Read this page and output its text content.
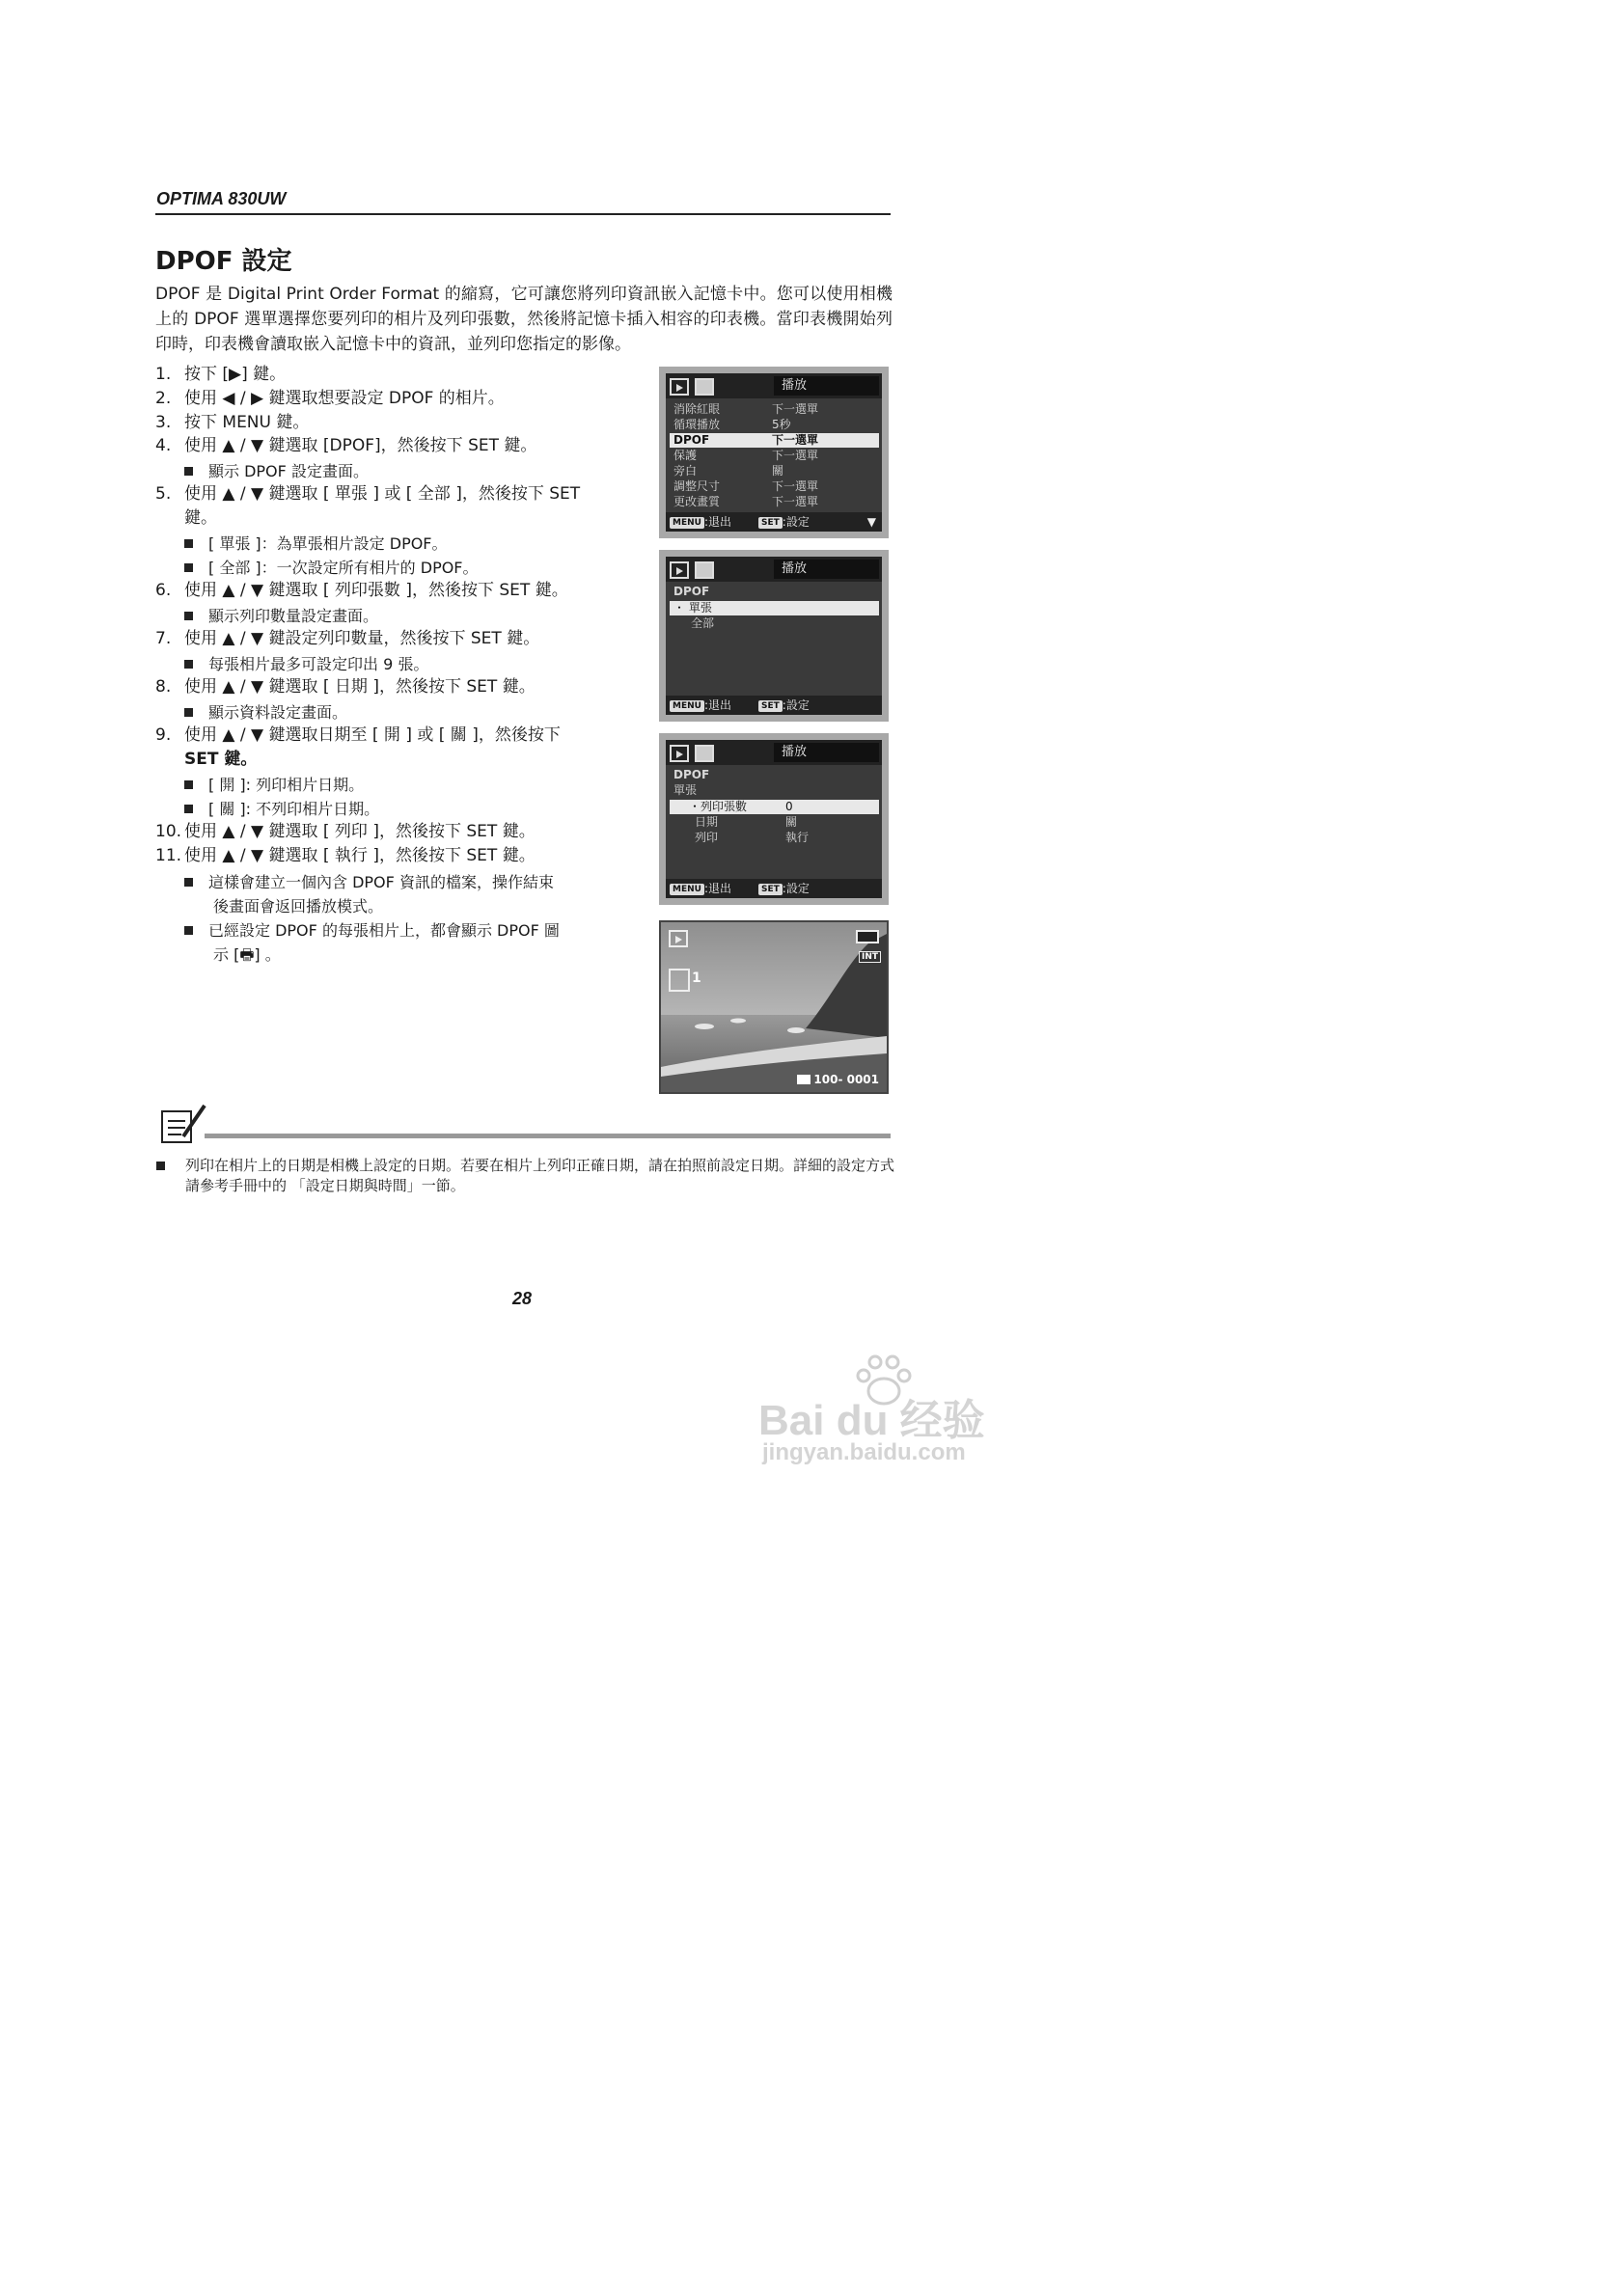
OPTIMA 830UW
DPOF 設定
DPOF 是 Digital Print Order Format 的縮寫，它可讓您將列印資訊嵌入記憶卡中。您可以使用相機上的 DPOF 選單選擇您要列印的相片及列印張數，然後將記憶卡插入相容的印表機。當印表機開始列印時，印表機會讀取嵌入記憶卡中的資訊，並列印您指定的影像。
1. 按下 [▶] 鍵。
2. 使用 ◀ / ▶ 鍵選取想要設定 DPOF 的相片。
3. 按下 MENU 鍵。
4. 使用 ▲ / ▼ 鍵選取 [DPOF]，然後按下 SET 鍵。
顯示 DPOF 設定畫面。
5. 使用 ▲ / ▼ 鍵選取 [ 單張 ] 或 [ 全部 ]，然後按下 SET
鍵。
[ 單張 ]：為單張相片設定 DPOF。
[ 全部 ]：一次設定所有相片的 DPOF。
6. 使用 ▲ / ▼ 鍵選取 [ 列印張數 ]，然後按下 SET 鍵。
顯示列印數量設定畫面。
7. 使用 ▲ / ▼ 鍵設定列印數量，然後按下 SET 鍵。
每張相片最多可設定印出 9 張。
8. 使用 ▲ / ▼ 鍵選取 [ 日期 ]，然後按下 SET 鍵。
顯示資料設定畫面。
9. 使用 ▲ / ▼ 鍵選取日期至 [ 開 ] 或 [ 關 ]，然後按下
SET 鍵。
[ 開 ]: 列印相片日期。
[ 關 ]: 不列印相片日期。
10. 使用 ▲ / ▼ 鍵選取 [ 列印 ]，然後按下 SET 鍵。
11. 使用 ▲ / ▼ 鍵選取 [ 執行 ]，然後按下 SET 鍵。
這樣會建立一個內含 DPOF 資訊的檔案，操作結束
後畫面會返回播放模式。
已經設定 DPOF 的每張相片上，都會顯示 DPOF 圖
示 [🖶] 。
播放
消除紅眼	下一選單
循環播放	5秒
DPOF	下一選單
保護	下一選單
旁白	關
調整尺寸	下一選單
更改畫質	下一選單
MENU :退出	SET :設定	▼
播放
DPOF
・ 單張
全部
MENU :退出	SET :設定
播放
DPOF
單張
・列印張數	0
日期	關
列印	執行
MENU :退出	SET :設定
INT
1
100- 0001
列印在相片上的日期是相機上設定的日期。若要在相片上列印正確日期，請在拍照前設定日期。詳細的設定方式請參考手冊中的 「設定日期與時間」一節。
28
Bai du 经验
jingyan.baidu.com
